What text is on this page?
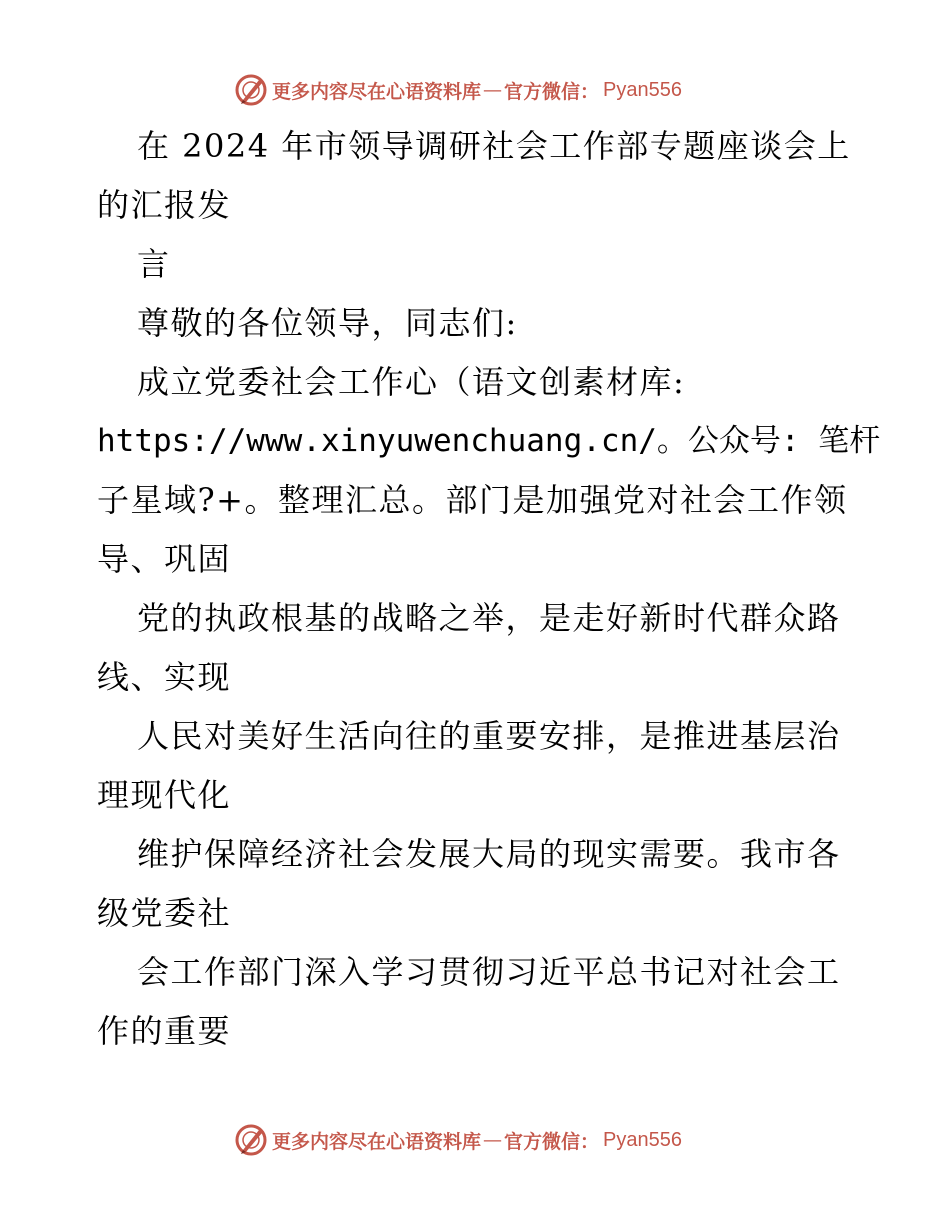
更多内容尽在心语资料库 — 官方微信： Pyan556
在 2024 年市领导调研社会工作部专题座谈会上
的汇报发
言
尊敬的各位领导，同志们:
成立党委社会工作心（语文创素材库:
https://www.xinyuwenchuang.cn/。公众号: 笔杆
子星域?+。整理汇总。部门是加强党对社会工作领
导、巩固
党的执政根基的战略之举，是走好新时代群众路
线、实现
人民对美好生活向往的重要安排，是推进基层治
理现代化
维护保障经济社会发展大局的现实需要。我市各
级党委社
会工作部门深入学习贯彻习近平总书记对社会工
作的重要
更多内容尽在心语资料库 — 官方微信： Pyan556
